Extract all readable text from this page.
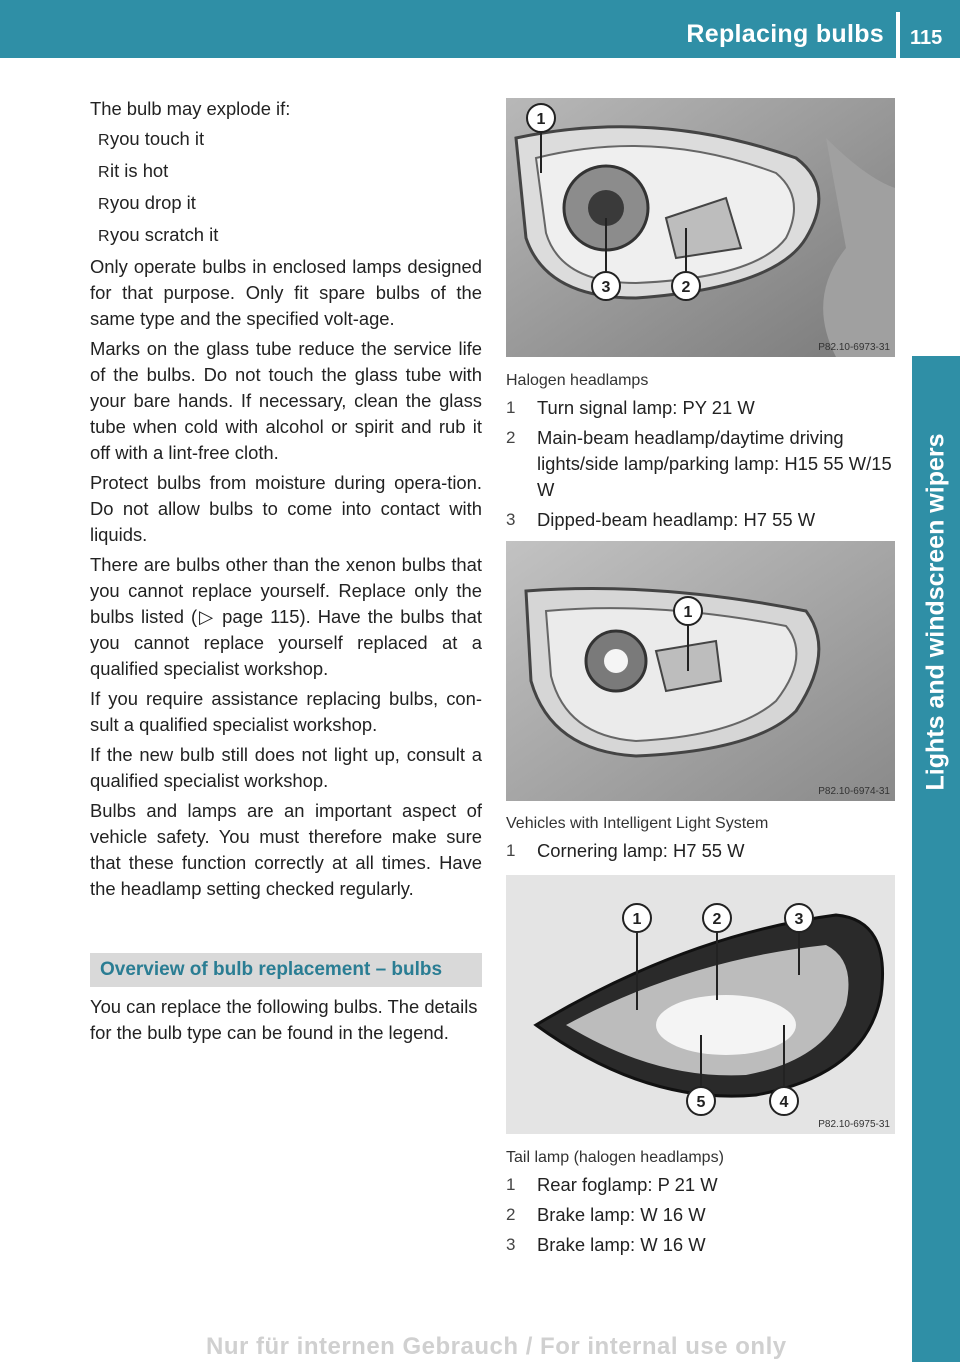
Replacing bulbs 115
Lights and windscreen wipers

The bulb may explode if:

Ryou touch it
Rit is hot
Ryou drop it
Ryou scratch it

Only operate bulbs in enclosed lamps designed for that purpose. Only fit spare bulbs of the same type and the specified volt-age.

Marks on the glass tube reduce the service life of the bulbs. Do not touch the glass tube with your bare hands. If necessary, clean the glass tube when cold with alcohol or spirit and rub it off with a lint-free cloth.

Protect bulbs from moisture during opera-tion. Do not allow bulbs to come into contact with liquids.

There are bulbs other than the xenon bulbs that you cannot replace yourself. Replace only the bulbs listed (▷ page 115). Have the bulbs that you cannot replace yourself replaced at a qualified specialist workshop.

If you require assistance replacing bulbs, con-sult a qualified specialist workshop.

If the new bulb still does not light up, consult a qualified specialist workshop.

Bulbs and lamps are an important aspect of vehicle safety. You must therefore make sure that these function correctly at all times. Have the headlamp setting checked regularly.

Overview of bulb replacement – bulbs
You can replace the following bulbs. The details for the bulb type can be found in the legend.
1
2
3
P82.10-6973-31
Halogen headlamps
1 Turn signal lamp: PY 21 W
2 Main-beam headlamp/daytime driving lights/side lamp/parking lamp: H15 55 W/15 W
3 Dipped-beam headlamp: H7 55 W
1
P82.10-6974-31
Vehicles with Intelligent Light System
1 Cornering lamp: H7 55 W
1	2	3
4
5
P82.10-6975-31
Tail lamp (halogen headlamps)
1 Rear foglamp: P 21 W
2 Brake lamp: W 16 W
3 Brake lamp: W 16 W
Nur für internen Gebrauch / For internal use only
